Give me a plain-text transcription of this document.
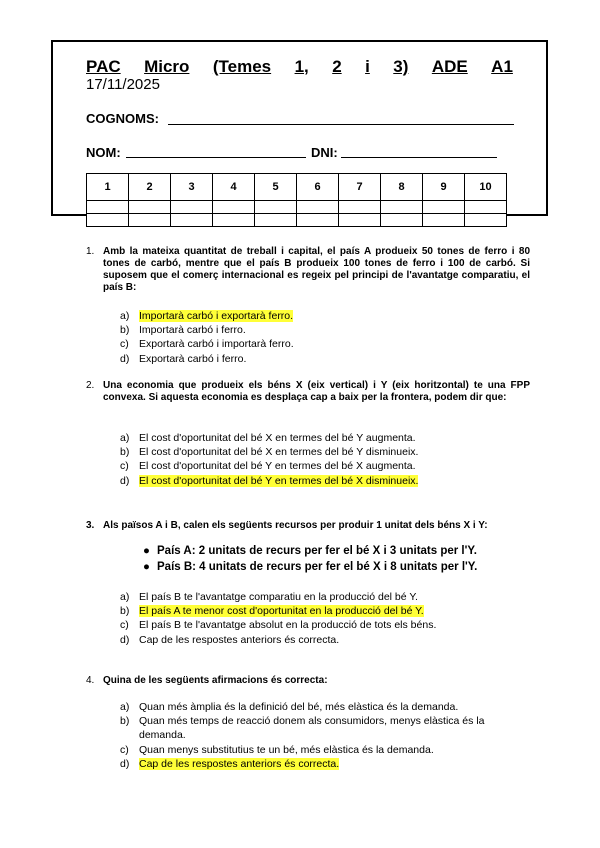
PAC Micro (Temes 1, 2 i 3) ADE A1
17/11/2025
COGNOMS:
NOM:	DNI:
1	2	3	4	5	6	7	8	9	10

1. Amb la mateixa quantitat de treball i capital, el país A produeix 50 tones de ferro i 80 tones de carbó, mentre que el país B produeix 100 tones de ferro i 100 de carbó. Si suposem que el comerç internacional es regeix pel principi de l'avantatge comparatiu, el país B:
a) Importarà carbó i exportarà ferro.
b) Importarà carbó i ferro.
c) Exportarà carbó i importarà ferro.
d) Exportarà carbó i ferro.
2. Una economia que produeix els béns X (eix vertical) i Y (eix horitzontal) te una FPP convexa. Si aquesta economia es desplaça cap a baix per la frontera, podem dir que:
a) El cost d'oportunitat del bé X en termes del bé Y augmenta.
b) El cost d'oportunitat del bé X en termes del bé Y disminueix.
c) El cost d'oportunitat del bé Y en termes del bé X augmenta.
d) El cost d'oportunitat del bé Y en termes del bé X disminueix.
3. Als països A i B, calen els següents recursos per produir 1 unitat dels béns X i Y:
● País A: 2 unitats de recurs per fer el bé X i 3 unitats per l'Y.
● País B: 4 unitats de recurs per fer el bé X i 8 unitats per l'Y.
a) El país B te l'avantatge comparatiu en la producció del bé Y.
b) El país A te menor cost d'oportunitat en la producció del bé Y.
c) El país B te l'avantatge absolut en la producció de tots els béns.
d) Cap de les respostes anteriors és correcta.
4. Quina de les següents afirmacions és correcta:
a) Quan més àmplia és la definició del bé, més elàstica és la demanda.
b) Quan més temps de reacció donem als consumidors, menys elàstica és la demanda.
c) Quan menys substitutius te un bé, més elàstica és la demanda.
d) Cap de les respostes anteriors és correcta.
